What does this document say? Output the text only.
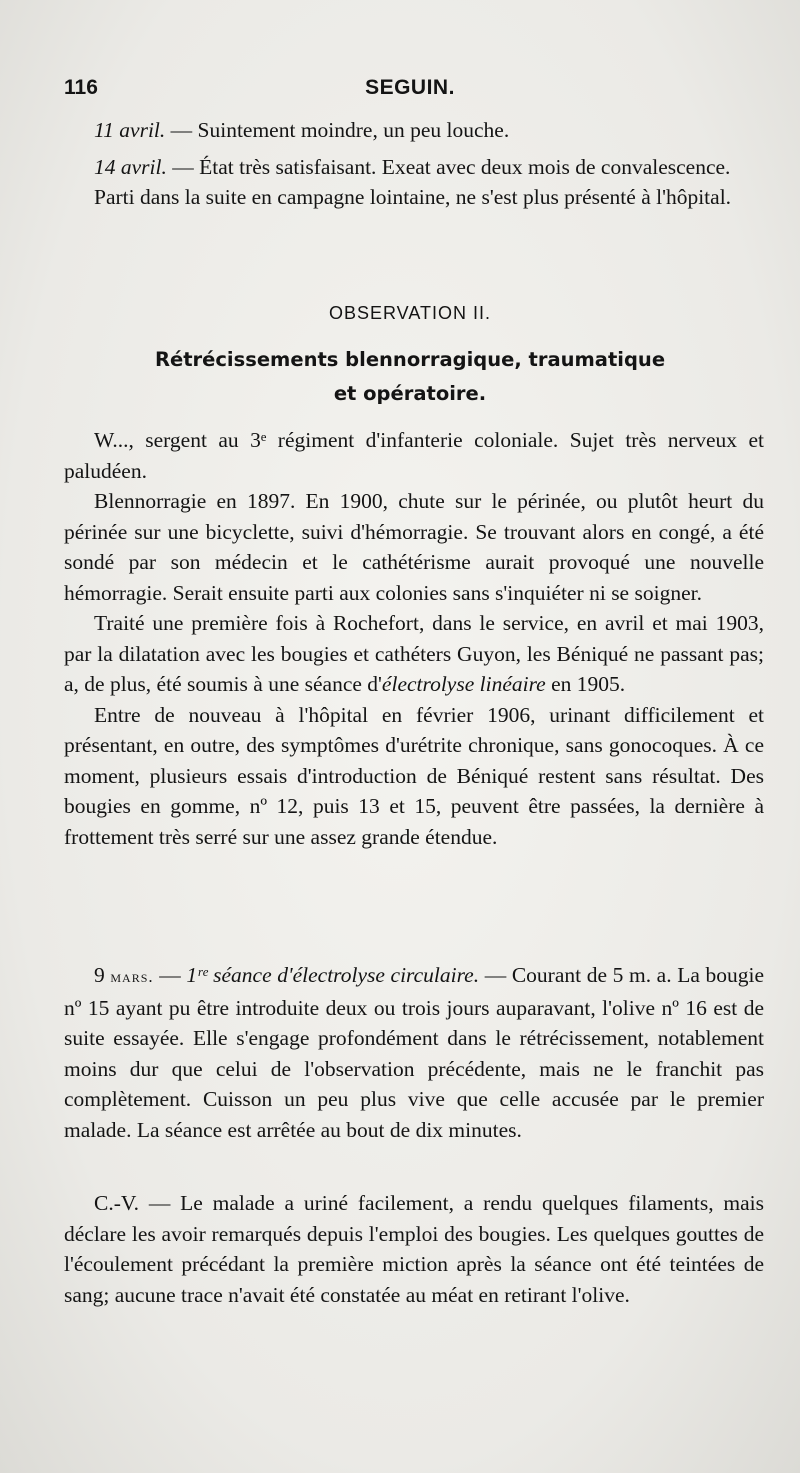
116	SEGUIN.

11 avril. — Suintement moindre, un peu louche.

14 avril. — État très satisfaisant. Exeat avec deux mois de convalescence.

Parti dans la suite en campagne lointaine, ne s'est plus présenté à l'hôpital.

OBSERVATION II.
Rétrécissements blennorragique, traumatique
et opératoire.

W..., sergent au 3ᵉ régiment d'infanterie coloniale. Sujet très nerveux et paludéen.

Blennorragie en 1897. En 1900, chute sur le périnée, ou plutôt heurt du périnée sur une bicyclette, suivi d'hémorragie. Se trouvant alors en congé, a été sondé par son médecin et le cathétérisme aurait provoqué une nouvelle hémorragie. Serait ensuite parti aux colonies sans s'inquiéter ni se soigner.

Traité une première fois à Rochefort, dans le service, en avril et mai 1903, par la dilatation avec les bougies et cathéters Guyon, les Béniqué ne passant pas; a, de plus, été soumis à une séance d'électrolyse linéaire en 1905.

Entre de nouveau à l'hôpital en février 1906, urinant difficilement et présentant, en outre, des symptômes d'urétrite chronique, sans gonocoques. À ce moment, plusieurs essais d'introduction de Béniqué restent sans résultat. Des bougies en gomme, nº 12, puis 13 et 15, peuvent être passées, la dernière à frottement très serré sur une assez grande étendue.

9 mars. — 1ʳᵉ séance d'électrolyse circulaire. — Courant de 5 m. a. La bougie nº 15 ayant pu être introduite deux ou trois jours auparavant, l'olive nº 16 est de suite essayée. Elle s'engage profondément dans le rétrécissement, notablement moins dur que celui de l'observation précédente, mais ne le franchit pas complètement. Cuisson un peu plus vive que celle accusée par le premier malade. La séance est arrêtée au bout de dix minutes.

C.-V. — Le malade a uriné facilement, a rendu quelques filaments, mais déclare les avoir remarqués depuis l'emploi des bougies. Les quelques gouttes de l'écoulement précédant la première miction après la séance ont été teintées de sang; aucune trace n'avait été constatée au méat en retirant l'olive.
